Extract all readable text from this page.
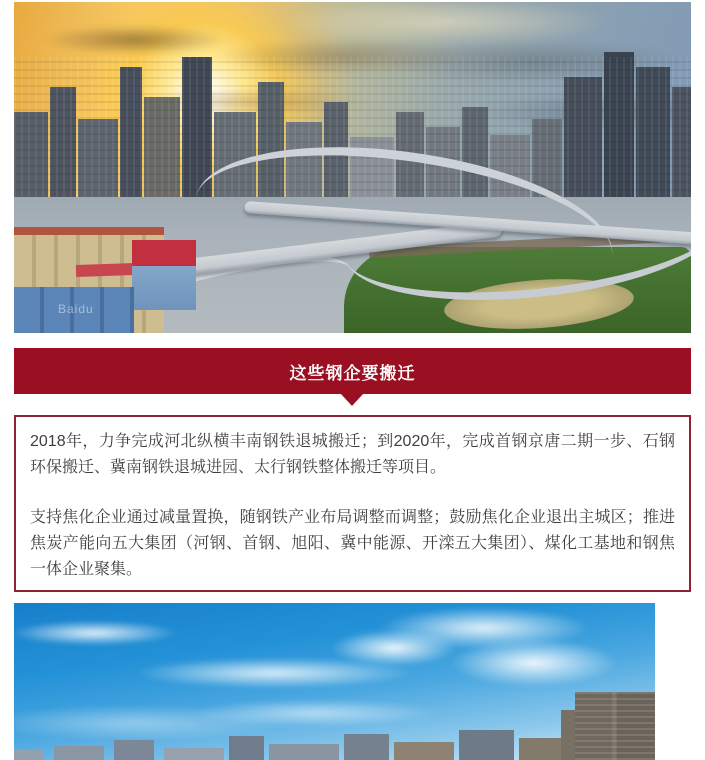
Baidu
这些钢企要搬迁

2018年，力争完成河北纵横丰南钢铁退城搬迁；到2020年，完成首钢京唐二期一步、石钢环保搬迁、冀南钢铁退城进园、太行钢铁整体搬迁等项目。

支持焦化企业通过减量置换，随钢铁产业布局调整而调整；鼓励焦化企业退出主城区；推进焦炭产能向五大集团（河钢、首钢、旭阳、冀中能源、开滦五大集团）、煤化工基地和钢焦一体企业聚集。
